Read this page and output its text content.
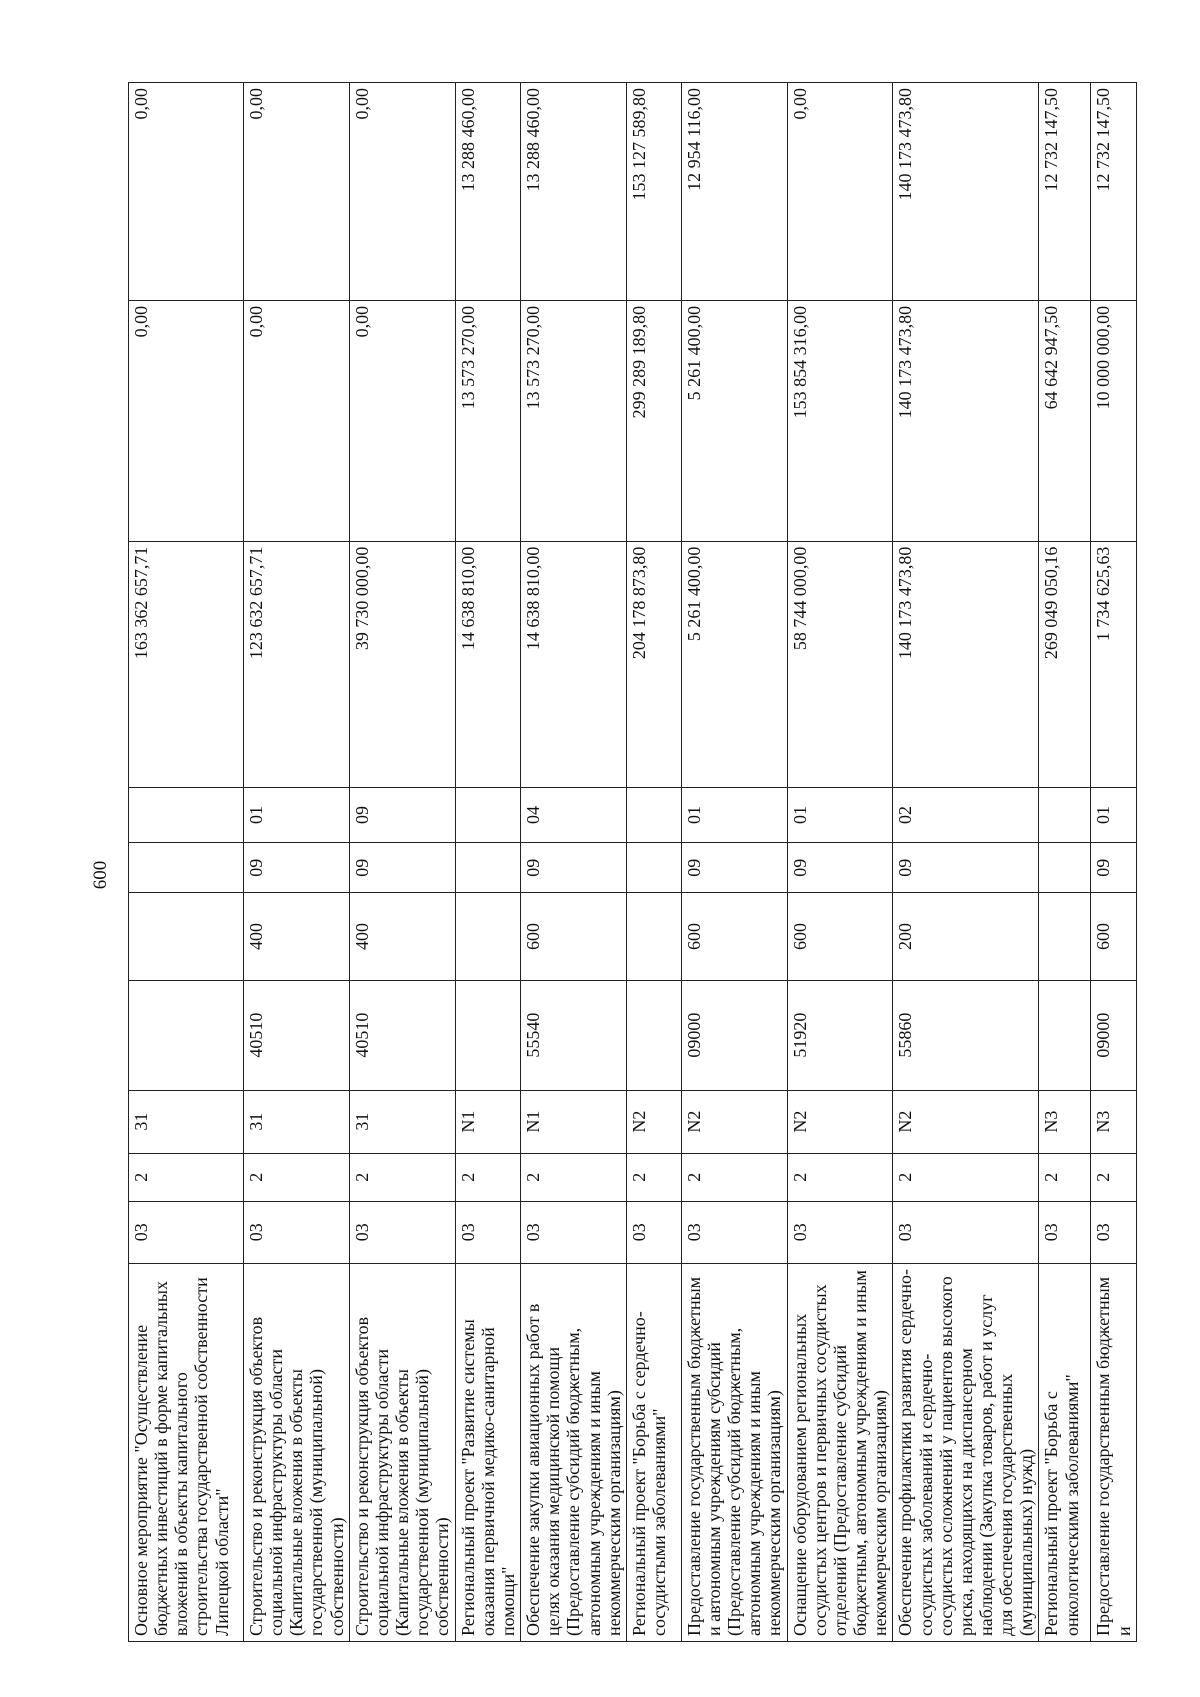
600
Основное мероприятие "Осуществление бюджетных инвестиций в форме капитальных вложений в объекты капитального строительства государственной собственности Липецкой области"	03	2	31					163 362 657,71	0,00	0,00
Строительство и реконструкция объектов социальной инфраструктуры области (Капитальные вложения в объекты государственной (муниципальной) собственности)	03	2	31	40510	400	09	01	123 632 657,71	0,00	0,00
Строительство и реконструкция объектов социальной инфраструктуры области (Капитальные вложения в объекты государственной (муниципальной) собственности)	03	2	31	40510	400	09	09	39 730 000,00	0,00	0,00
Региональный проект "Развитие системы оказания первичной медико-санитарной помощи"	03	2	N1					14 638 810,00	13 573 270,00	13 288 460,00
Обеспечение закупки авиационных работ в целях оказания медицинской помощи (Предоставление субсидий бюджетным, автономным учреждениям и иным некоммерческим организациям)	03	2	N1	55540	600	09	04	14 638 810,00	13 573 270,00	13 288 460,00
Региональный проект "Борьба с сердечно-сосудистыми заболеваниями"	03	2	N2					204 178 873,80	299 289 189,80	153 127 589,80
Предоставление государственным бюджетным и автономным учреждениям субсидий (Предоставление субсидий бюджетным, автономным учреждениям и иным некоммерческим организациям)	03	2	N2	09000	600	09	01	5 261 400,00	5 261 400,00	12 954 116,00
Оснащение оборудованием региональных сосудистых центров и первичных сосудистых отделений (Предоставление субсидий бюджетным, автономным учреждениям и иным некоммерческим организациям)	03	2	N2	51920	600	09	01	58 744 000,00	153 854 316,00	0,00
Обеспечение профилактики развития сердечно-сосудистых заболеваний и сердечно-сосудистых осложнений у пациентов высокого риска, находящихся на диспансерном наблюдении (Закупка товаров, работ и услуг для обеспечения государственных (муниципальных) нужд)	03	2	N2	55860	200	09	02	140 173 473,80	140 173 473,80	140 173 473,80
Региональный проект "Борьба с онкологическими заболеваниями"	03	2	N3					269 049 050,16	64 642 947,50	12 732 147,50
Предоставление государственным бюджетным и	03	2	N3	09000	600	09	01	1 734 625,63	10 000 000,00	12 732 147,50
